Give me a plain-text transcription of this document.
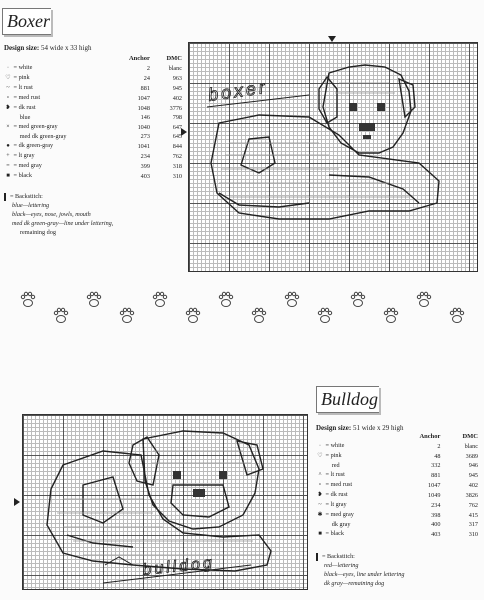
Boxer
Design size: 54 wide x 33 high
	Anchor	DMC
· = white	2	blanc
♡ = pink	24	963
~ = lt rust	881	945
▫ = med rust	1047	402
❥ = dk rust	1048	3776
blue	146	798
× = med green-gray	1040	647
med dk green-gray	273	645
● = dk green-gray	1041	844
+ = lt gray	234	762
= = med gray	399	318
■ = black	403	310
= Backstitch:
blue—lettering
black—eyes, nose, jowls, mouth
med dk green-gray—line under lettering,
remaining dog
boxer
Bulldog
Design size: 51 wide x 29 high
	Anchor	DMC
· = white	2	blanc
♡ = pink	48	3689
red	332	946
^ = lt rust	881	945
▫ = med rust	1047	402
❥ = dk rust	1049	3826
~ = lt gray	234	762
✱ = med gray	398	415
dk gray	400	317
■ = black	403	310
= Backstitch:
red—lettering
black—eyes, line under lettering
dk gray—remaining dog
bulldog
